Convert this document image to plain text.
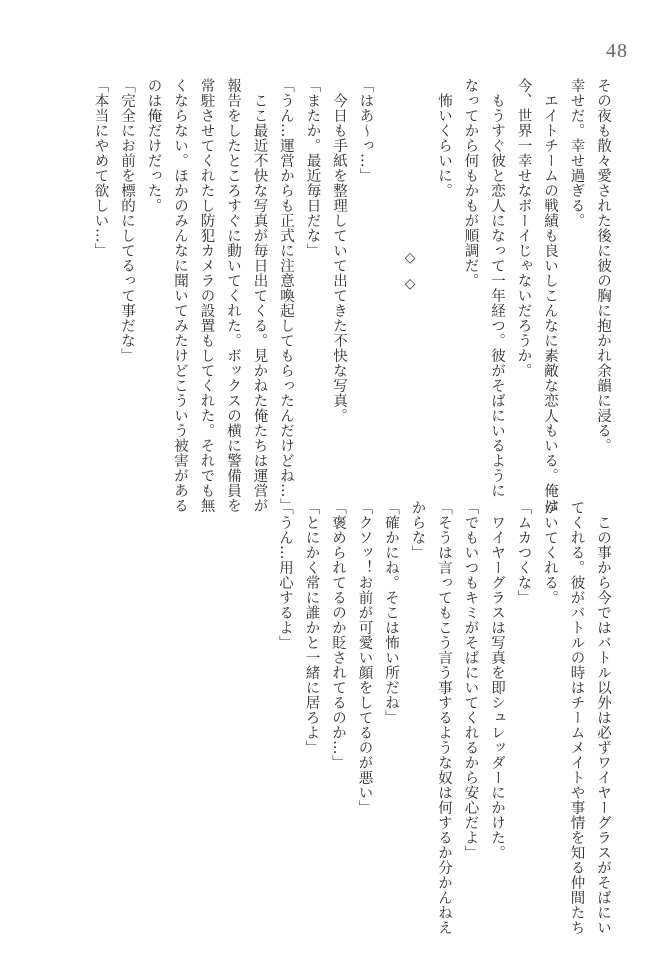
48

その夜も散々愛された後に彼の胸に抱かれ余韻に浸る。

幸せだ。幸せ過ぎる。

　エイトチームの戦績も良いしこんなに素敵な恋人もいる。俺は

今、世界一幸せなボーイじゃないだろうか。

　もうすぐ彼と恋人になって一年経つ。彼がそばにいるように

なってから何もかもが順調だ。

　怖いくらいに。

「はあ～っ…」

　今日も手紙を整理していて出てきた不快な写真。

「またか。最近毎日だな」

「うん…運営からも正式に注意喚起してもらったんだけどね…」

　ここ最近不快な写真が毎日出てくる。見かねた俺たちは運営が

報告をしたところすぐに動いてくれた。ボックスの横に警備員を

常駐させてくれたし防犯カメラの設置もしてくれた。それでも無

くならない。ほかのみんなに聞いてみたけどこういう被害がある

のは俺だけだった。

「完全にお前を標的にしてるって事だな」

「本当にやめて欲しい…」

◇◇

　この事から今ではバトル以外は必ずワイヤーグラスがそばにい

てくれる。彼がバトルの時はチームメイトや事情を知る仲間たち

がいてくれる。

「ムカつくな」

　ワイヤーグラスは写真を即シュレッダーにかけた。

「でもいつもキミがそばにいてくれるから安心だよ」

「そうは言ってもこう言う事するような奴は何するか分かんねえ

からな」

「確かにね。そこは怖い所だね」

「クソッ！お前が可愛い顔をしてるのが悪い」

「褒められてるのか貶されてるのか…」

「とにかく常に誰かと一緒に居ろよ」

「うん…用心するよ」
